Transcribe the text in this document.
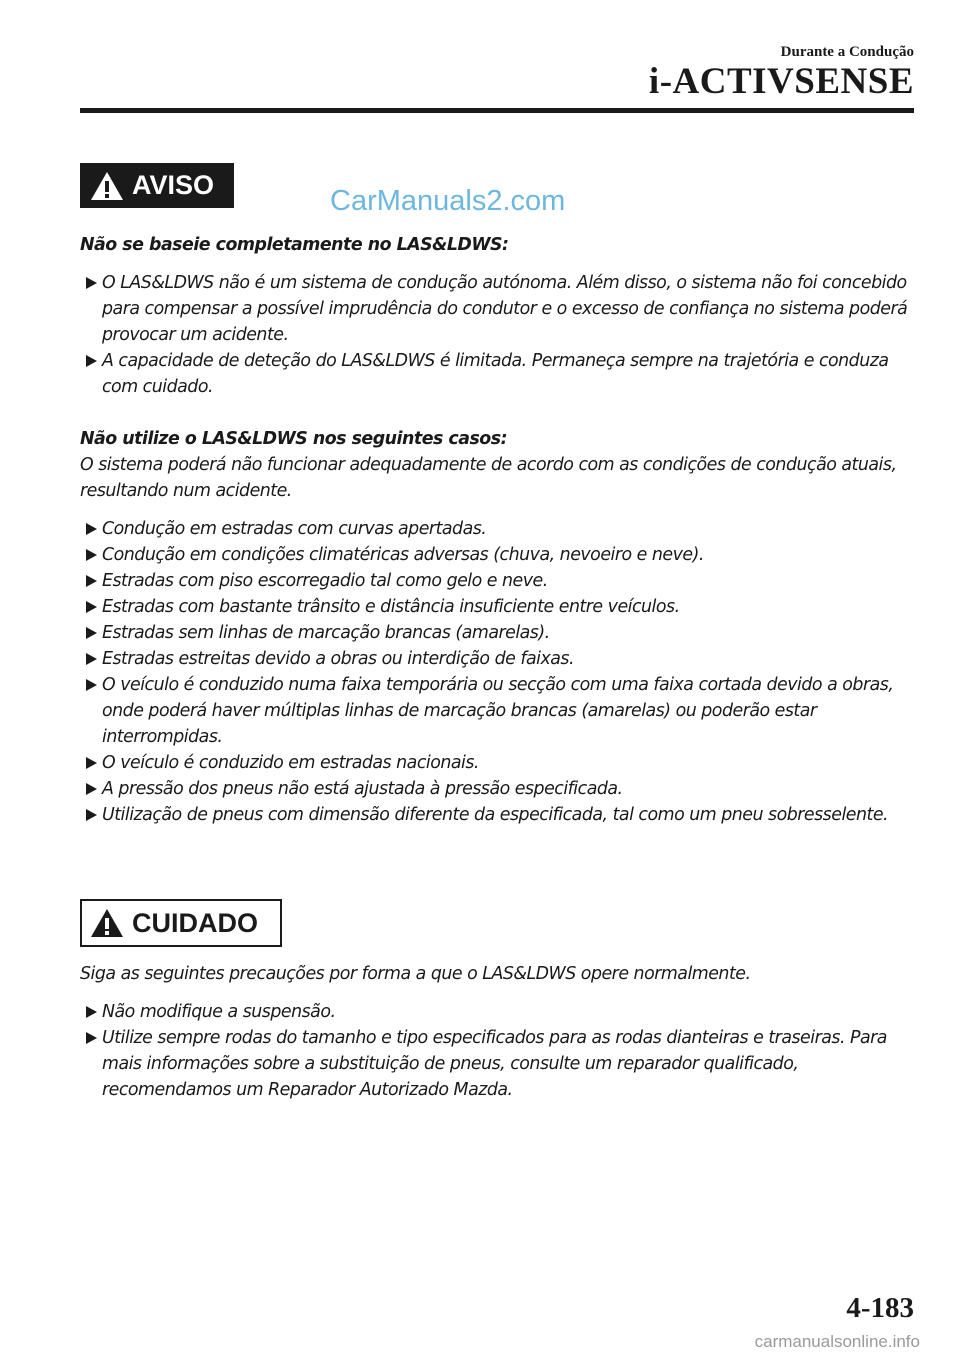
Durante a Condução
i-ACTIVSENSE
AVISO	CarManuals2.com

Não se baseie completamente no LAS&LDWS:

O LAS&LDWS não é um sistema de condução autónoma. Além disso, o sistema não foi concebido para compensar a possível imprudência do condutor e o excesso de confiança no sistema poderá provocar um acidente.

A capacidade de deteção do LAS&LDWS é limitada. Permaneça sempre na trajetória e conduza com cuidado.

Não utilize o LAS&LDWS nos seguintes casos:

O sistema poderá não funcionar adequadamente de acordo com as condições de condução atuais, resultando num acidente.

Condução em estradas com curvas apertadas.

Condução em condições climatéricas adversas (chuva, nevoeiro e neve).

Estradas com piso escorregadio tal como gelo e neve.

Estradas com bastante trânsito e distância insuficiente entre veículos.

Estradas sem linhas de marcação brancas (amarelas).

Estradas estreitas devido a obras ou interdição de faixas.

O veículo é conduzido numa faixa temporária ou secção com uma faixa cortada devido a obras, onde poderá haver múltiplas linhas de marcação brancas (amarelas) ou poderão estar interrompidas.

O veículo é conduzido em estradas nacionais.

A pressão dos pneus não está ajustada à pressão especificada.

Utilização de pneus com dimensão diferente da especificada, tal como um pneu sobresselente.

CUIDADO

Siga as seguintes precauções por forma a que o LAS&LDWS opere normalmente.

Não modifique a suspensão.

Utilize sempre rodas do tamanho e tipo especificados para as rodas dianteiras e traseiras. Para mais informações sobre a substituição de pneus, consulte um reparador qualificado, recomendamos um Reparador Autorizado Mazda.

4-183
carmanualsonline.info
